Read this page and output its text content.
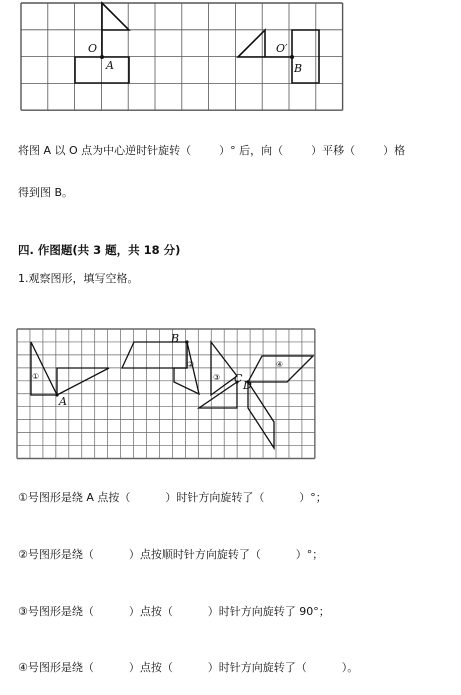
O
A
O′
B
将图 A 以 O 点为中心逆时针旋转（        ）° 后，向（        ）平移（        ）格
得到图 B。
四. 作图题(共 3 题，共 18 分)
1.观察图形，填写空格。
B
A
C
D
①
②
③
④
①号图形是绕 A 点按（          ）时针方向旋转了（          ）°；
②号图形是绕（          ）点按顺时针方向旋转了（          ）°；
③号图形是绕（          ）点按（          ）时针方向旋转了 90°；
④号图形是绕（          ）点按（          ）时针方向旋转了（          ）。
